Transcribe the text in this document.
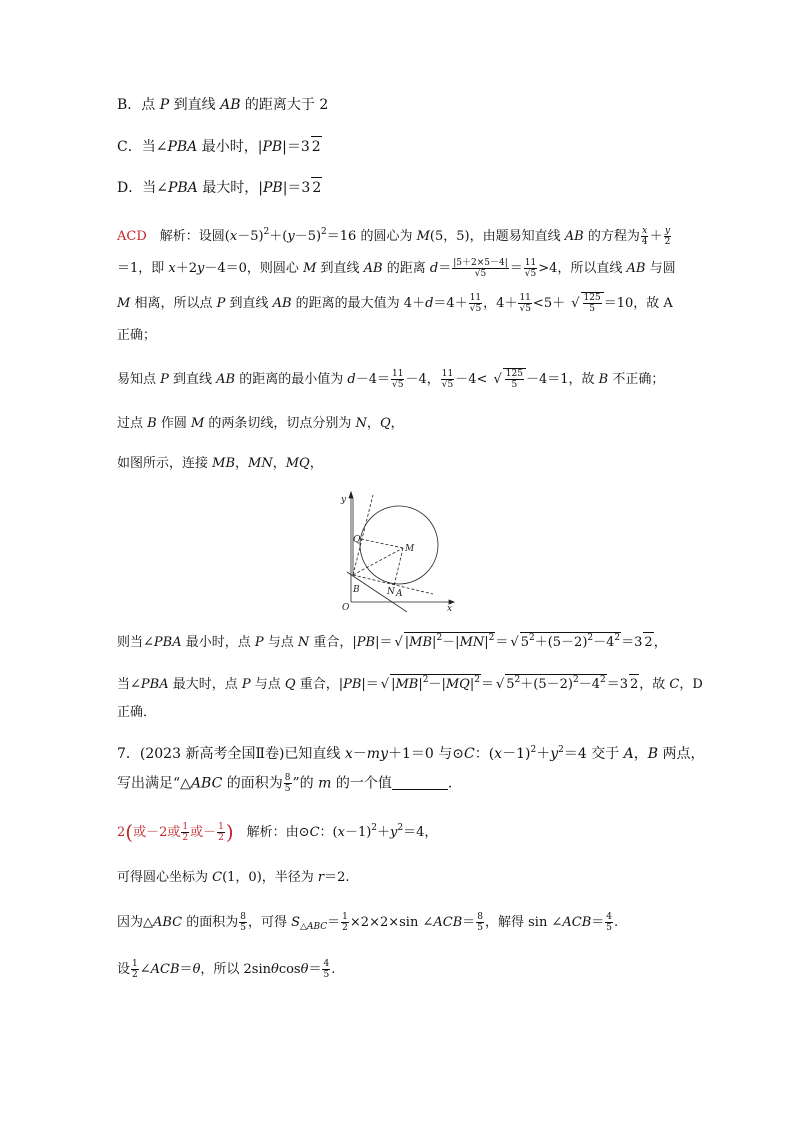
B．点 P 到直线 AB 的距离大于 2
C．当∠PBA 最小时，|PB|＝3 2
D．当∠PBA 最大时，|PB|＝3 2
ACD　解析：设圆$(x-5)^2+(y-5)^2=16$ 的圆心为 M(5，5)，由题易知直线 AB 的方程为 $\frac{x}{4} + \frac{y}{2}$
＝1，即 x＋2y－4＝0，则圆心 M 到直线 AB 的距离 $d= \frac{|5+2\times 5-4|}{√5} = \frac{11}{√5} >4$，所以直线 AB 与圆
M 相离，所以点 P 到直线 AB 的距离的最大值为 $4+d=4+ \frac{11}{√5}$ ，$4+ \frac{11}{√5} <5+$ √ $\frac{125}{5} =10$，故 A
正确；
易知点 P 到直线 AB 的距离的最小值为 $d-4= \frac{11}{√5} -4$， $\frac{11}{√5} -4<$ √ $\frac{125}{5} -4=1$，故 B 不正确；
过点 B 作圆 M 的两条切线，切点分别为 N，Q，
如图所示，连接 MB，MN，MQ，
y
x
O
Q
M
B	N A
则当∠PBA 最小时，点 P 与点 N 重合，|PB|＝ √ $|MB|^2-|MN|^2=$ √ $5^2+(5-2)^2-4^2=3$ 2，
当∠PBA 最大时，点 P 与点 Q 重合，|PB|＝ √ $|MB|^2-|MQ|^2=$ √ $5^2+(5-2)^2-4^2=3$ 2，故 C，D
正确．
7．(2023 新高考全国Ⅱ卷)已知直线 x－my＋1＝0 与⊙C：$(x-1)^2+y^2=4$ 交于 A，B 两点，
写出满足“△ABC 的面积为 $\frac{8}{5}$ ”的 m 的一个值	.
2(或－2或 $\frac{1}{2}$ 或－ $\frac{1}{2}$ )　解析：由⊙C：$(x-1)^2+y^2=4$，
可得圆心坐标为 C(1，0)，半径为 r＝2.
因为△ABC 的面积为 $\frac{8}{5}$ ，可得 $S_{\triangle ABC}= \frac{1}{2} \times 2\times 2\times\sin$ ∠ACB＝ $\frac{8}{5}$ ，解得 sin ∠ACB＝ $\frac{4}{5}$ .
设 $\frac{1}{2}$ ∠ACB＝θ，所以 $2\sin\theta\cos\theta= \frac{4}{5}$ .
